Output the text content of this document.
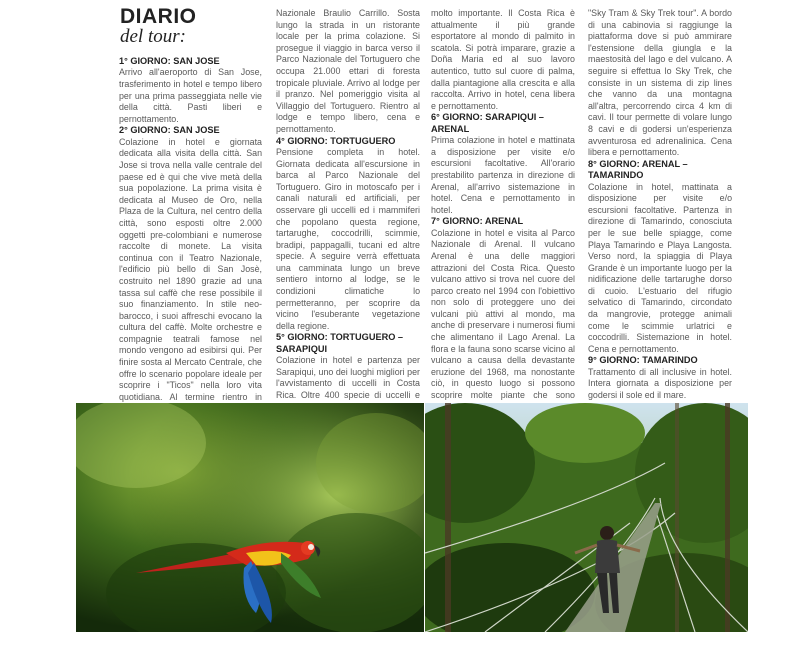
DIARIO
del tour:
1° GIORNO: SAN JOSE

Arrivo all'aeroporto di San Jose, trasferimento in hotel e tempo libero per una prima passeggiata nelle vie della città. Pasti liberi e pernottamento.

2° GIORNO: SAN JOSE

Colazione in hotel e giornata dedicata alla visita della città. San Jose si trova nella valle centrale del paese ed è qui che vive metà della sua popolazione. La prima visita è dedicata al Museo de Oro, nella Plaza de la Cultura, nel centro della città, sono esposti oltre 2.000 oggetti pre-colombiani e numerose raccolte di monete. La visita continua con il Teatro Nazionale, l'edificio più bello di San Josè, costruito nel 1890 grazie ad una tassa sul caffè che rese possibile il suo finanziamento. In stile neo-barocco, i suoi affreschi evocano la cultura del caffè. Molte orchestre e compagnie teatrali famose nel mondo vengono ad esibirsi qui. Per finire sosta al Mercato Centrale, che offre lo scenario popolare ideale per scoprire i "Ticos" nella loro vita quotidiana. Al termine rientro in

Nazionale Braulio Carrillo. Sosta lungo la strada in un ristorante locale per la prima colazione. Si prosegue il viaggio in barca verso il Parco Nazionale del Tortuguero che occupa 21.000 ettari di foresta tropicale pluviale. Arrivo al lodge per il pranzo. Nel pomeriggio visita al Villaggio del Tortuguero. Rientro al lodge e tempo libero, cena e pernottamento.

4° GIORNO: TORTUGUERO

Pensione completa in hotel. Giornata dedicata all'escursione in barca al Parco Nazionale del Tortuguero. Giro in motoscafo per i canali naturali ed artificiali, per osservare gli uccelli ed i mammiferi che popolano questa regione, tartarughe, coccodrilli, scimmie, bradipi, pappagalli, tucani ed altre specie. A seguire verrà effettuata una camminata lungo un breve sentiero intorno al lodge, se le condizioni climatiche lo permetteranno, per scoprire da vicino l'esuberante vegetazione della regione.

5° GIORNO: TORTUGUERO – SARAPIQUI

Colazione in hotel e partenza per Sarapiqui, uno dei luoghi migliori per l'avvistamento di uccelli in Costa Rica. Oltre 400 specie di uccelli e

molto importante. Il Costa Rica è attualmente il più grande esportatore al mondo di palmito in scatola. Si potrà imparare, grazie a Doña Maria ed al suo lavoro autentico, tutto sul cuore di palma, dalla piantagione alla crescita e alla raccolta. Arrivo in hotel, cena libera e pernottamento.

6° GIORNO: SARAPIQUI – ARENAL

Prima colazione in hotel e mattinata a disposizione per visite e/o escursioni facoltative. All'orario prestabilito partenza in direzione di Arenal, all'arrivo sistemazione in hotel. Cena e pernottamento in hotel.

7° GIORNO: ARENAL

Colazione in hotel e visita al Parco Nazionale di Arenal. Il vulcano Arenal è una delle maggiori attrazioni del Costa Rica. Questo vulcano attivo si trova nel cuore del parco creato nel 1994 con l'obiettivo non solo di proteggere uno dei vulcani più attivi al mondo, ma anche di preservare i numerosi fiumi che alimentano il Lago Arenal. La flora e la fauna sono scarse vicino al vulcano a causa della devastante eruzione del 1968, ma nonostante ciò, in questo luogo si possono scoprire molte piante che sono

"Sky Tram & Sky Trek tour". A bordo di una cabinovia si raggiunge la piattaforma dove si può ammirare l'estensione della giungla e la maestosità del lago e del vulcano. A seguire si effettua lo Sky Trek, che consiste in un sistema di zip lines che vanno da una montagna all'altra, percorrendo circa 4 km di cavi. Il tour permette di volare lungo 8 cavi e di godersi un'esperienza avventurosa ed adrenalinica. Cena libera e pernottamento.

8° GIORNO: ARENAL – TAMARINDO

Colazione in hotel, mattinata a disposizione per visite e/o escursioni facoltative. Partenza in direzione di Tamarindo, conosciuta per le sue belle spiagge, come Playa Tamarindo e Playa Langosta. Verso nord, la spiaggia di Playa Grande è un importante luogo per la nidificazione delle tartarughe dorso di cuoio. L'estuario del rifugio selvatico di Tamarindo, circondato da mangrovie, protegge animali come le scimmie urlatrici e coccodrilli. Sistemazione in hotel. Cena e pernottamento.

9° GIORNO: TAMARINDO

Trattamento di all inclusive in hotel. Intera giornata a disposizione per godersi il sole ed il mare.
